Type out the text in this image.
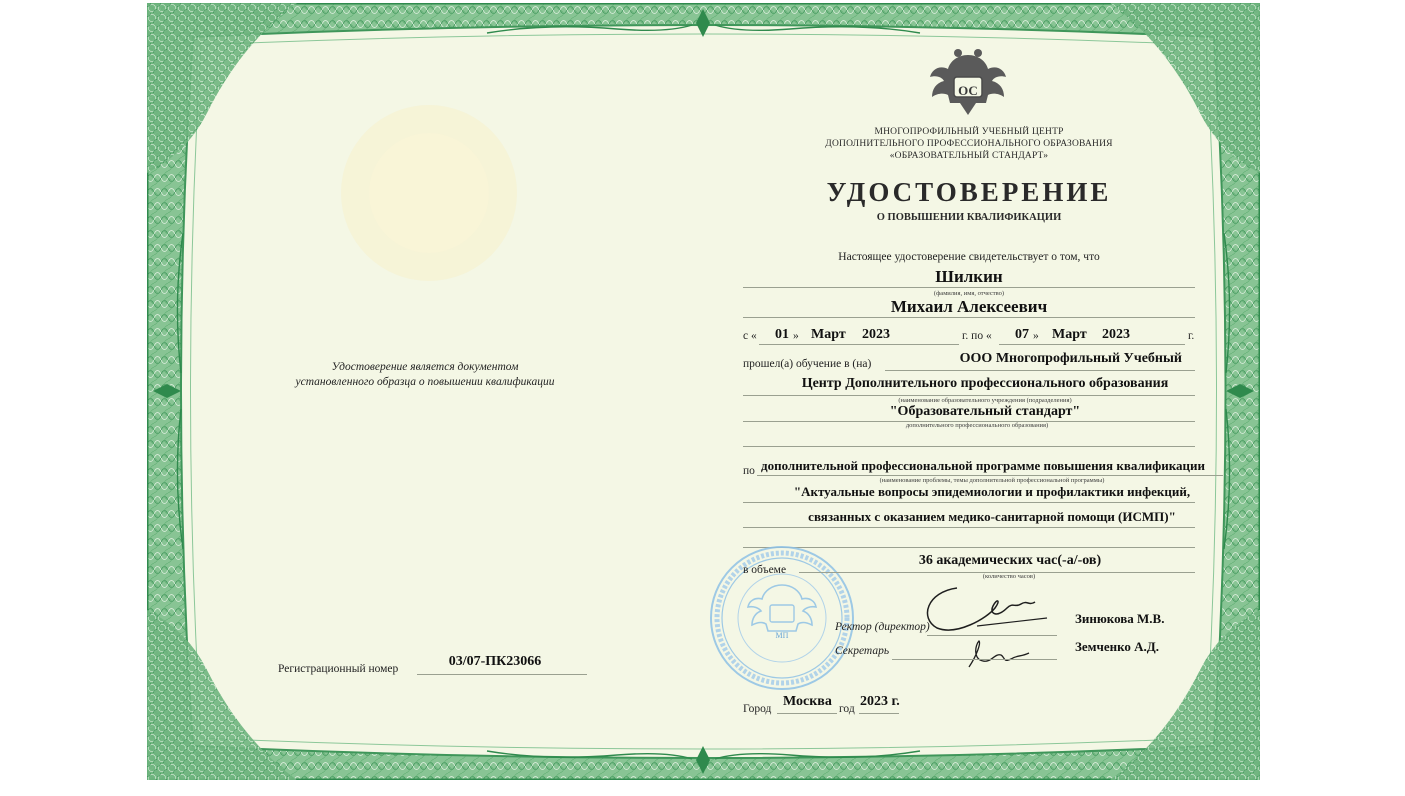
ОС
МНОГОПРОФИЛЬНЫЙ УЧЕБНЫЙ ЦЕНТР
ДОПОЛНИТЕЛЬНОГО ПРОФЕССИОНАЛЬНОГО ОБРАЗОВАНИЯ
«ОБРАЗОВАТЕЛЬНЫЙ СТАНДАРТ»
УДОСТОВЕРЕНИЕ
О ПОВЫШЕНИИ КВАЛИФИКАЦИИ
Настоящее удостоверение свидетельствует о том, что
Шилкин
(фамилия, имя, отчество)
Михаил Алексеевич
с « 01 » Март 2023	г. по « 07 » Март 2023	г.
прошел(а) обучение в (на)	ООО Многопрофильный Учебный
Центр Дополнительного профессионального образования
(наименование образовательного учреждения (подразделения)
"Образовательный стандарт"
дополнительного профессионального образования)
по дополнительной профессиональной программе повышения квалификации
(наименование проблемы, темы дополнительной профессиональной программы)
"Актуальные вопросы эпидемиологии и профилактики инфекций,
связанных с оказанием медико-санитарной помощи (ИСМП)"
МП
в объеме
36 академических час(-а/-ов)
(количество часов)
Ректор (директор)
Зинюкова М.В.
Секретарь	Земченко А.Д.
Город Москва год 2023 г.
Удостоверение является документом
установленного образца о повышении квалификации
Регистрационный номер	03/07-ПК23066
